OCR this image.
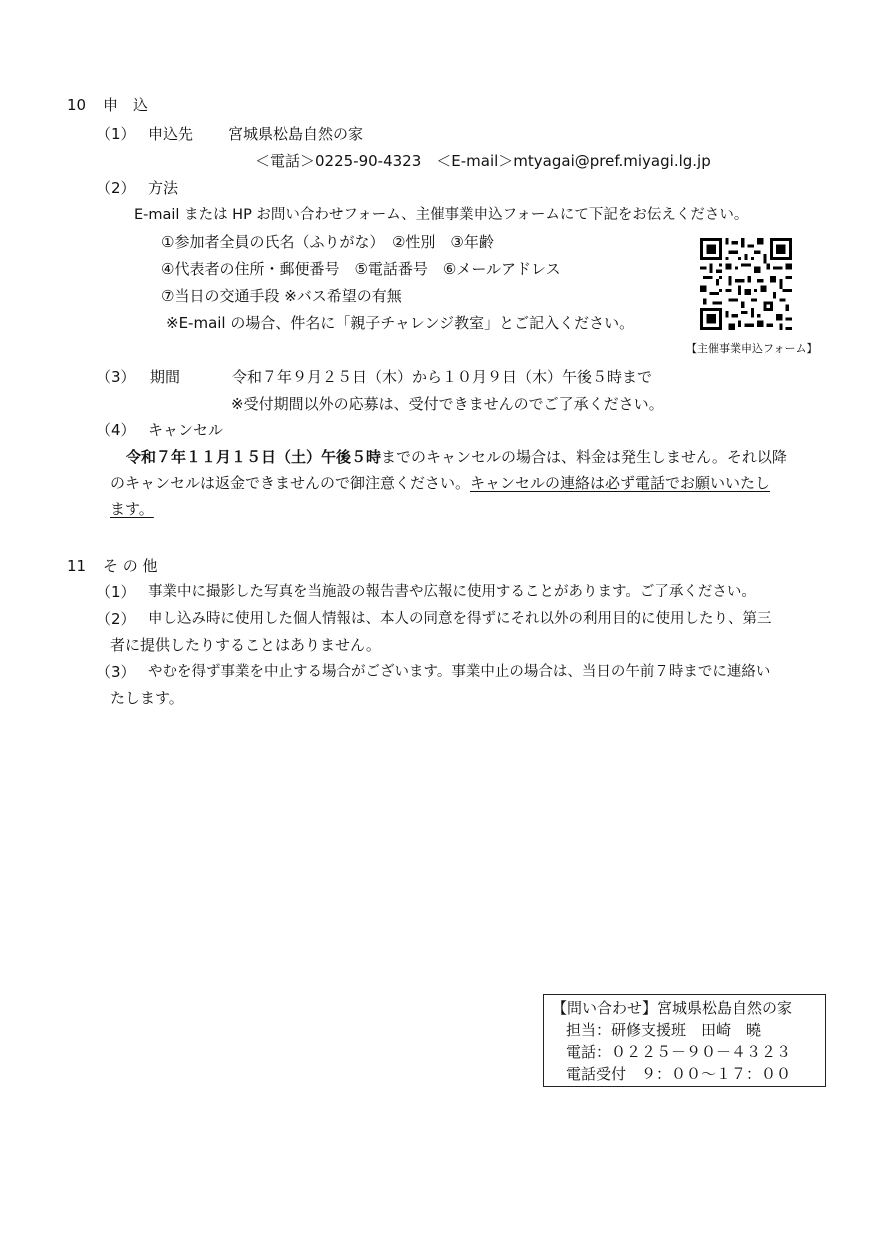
10 申　込
（1） 申込先 宮城県松島自然の家
＜電話＞0225-90-4323　＜E-mail＞mtyagai@pref.miyagi.lg.jp
（2） 方法
E-mail または HP お問い合わせフォーム、主催事業申込フォームにて下記をお伝えください。
①参加者全員の氏名（ふりがな）　②性別　③年齢
④代表者の住所・郵便番号　⑤電話番号　⑥メールアドレス
⑦当日の交通手段 ※バス希望の有無
※E-mail の場合、件名に「親子チャレンジ教室」とご記入ください。
【主催事業申込フォーム】
（3） 期間	令和７年９月２５日（木）から１０月９日（木）午後５時まで
※受付期間以外の応募は、受付できませんのでご了承ください。
（4） キャンセル
令和７年１１月１５日（土）午後５時までのキャンセルの場合は、料金は発生しません。それ以降
のキャンセルは返金できませんので御注意ください。キャンセルの連絡は必ず電話でお願いいたし
ます。
11 そ の 他
（1） 事業中に撮影した写真を当施設の報告書や広報に使用することがあります。ご了承ください。
（2） 申し込み時に使用した個人情報は、本人の同意を得ずにそれ以外の利用目的に使用したり、第三
者に提供したりすることはありません。
（3） やむを得ず事業を中止する場合がございます。事業中止の場合は、当日の午前７時までに連絡い
たします。
【問い合わせ】宮城県松島自然の家
担当：研修支援班　田崎　曉
電話：０２２５－９０－４３２３
電話受付　９：００～１７：００
